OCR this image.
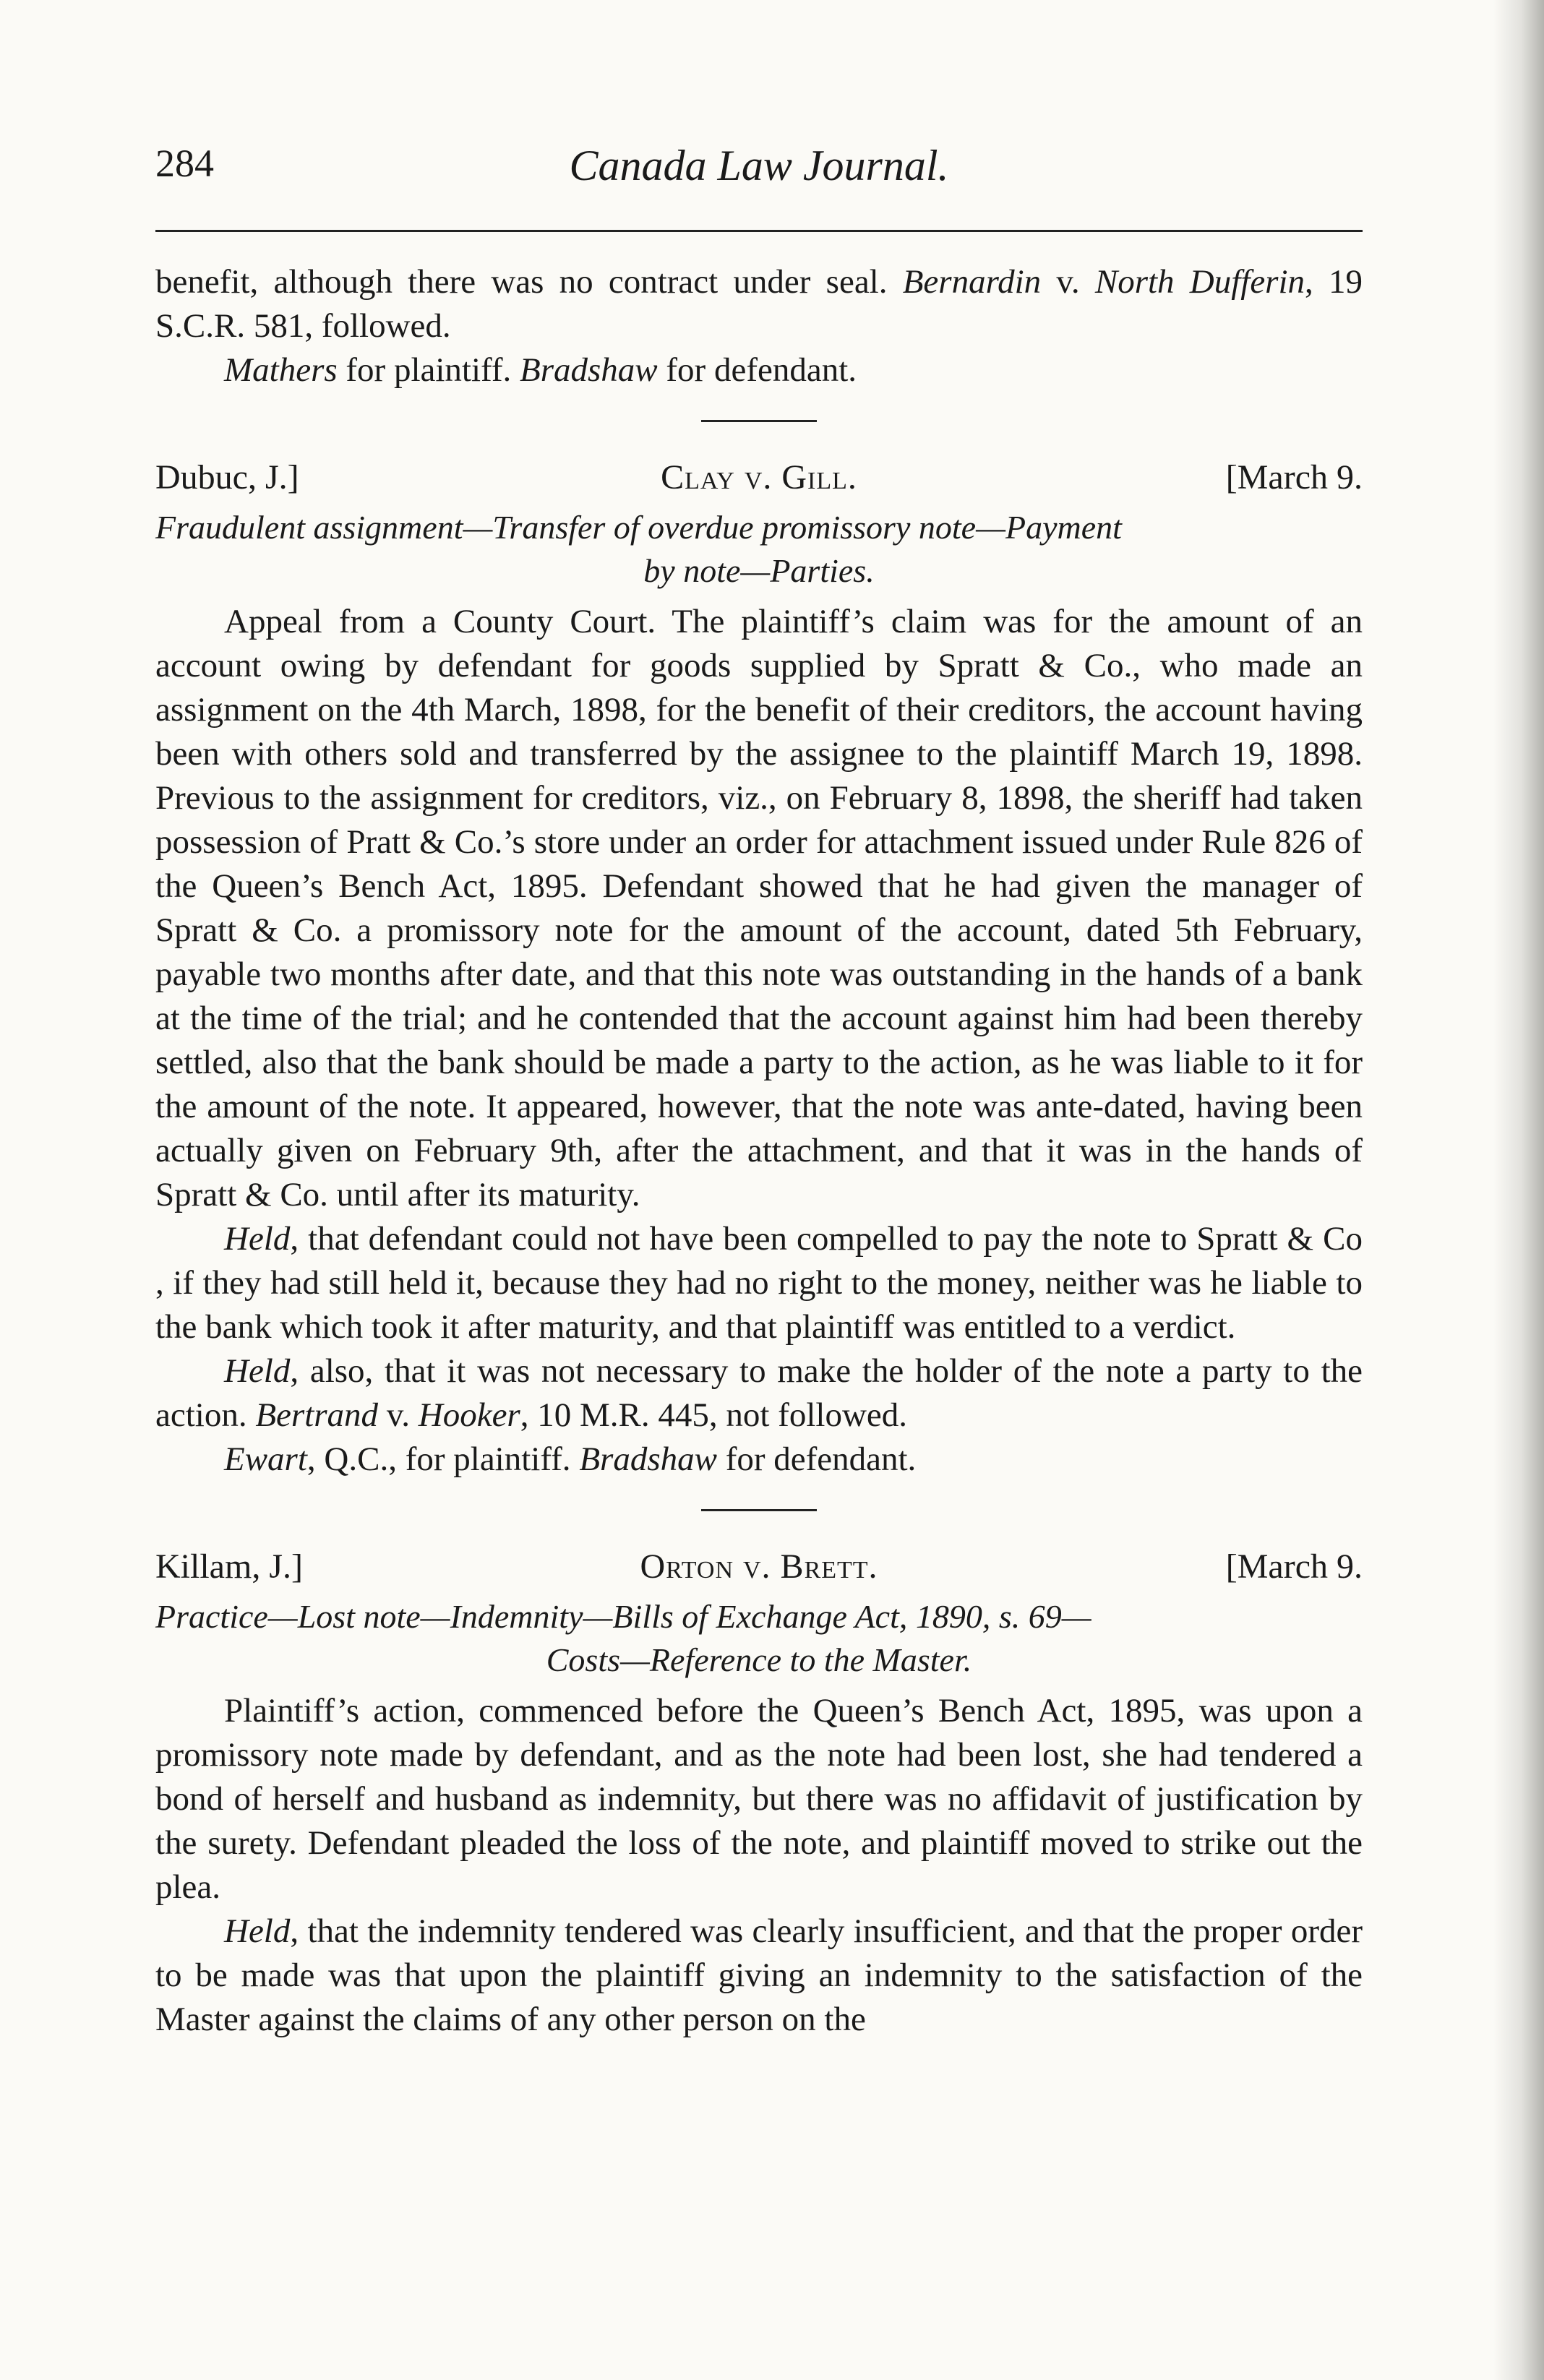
284	Canada Law Journal.

benefit, although there was no contract under seal. Bernardin v. North Dufferin, 19 S.C.R. 581, followed.

Mathers for plaintiff. Bradshaw for defendant.

Dubuc, J.]	Clay v. Gill.	[March 9.
Fraudulent assignment—Transfer of overdue promissory note—Payment
by note—Parties.

Appeal from a County Court. The plaintiff’s claim was for the amount of an account owing by defendant for goods supplied by Spratt & Co., who made an assignment on the 4th March, 1898, for the benefit of their creditors, the account having been with others sold and transferred by the assignee to the plaintiff March 19, 1898. Previous to the assignment for creditors, viz., on February 8, 1898, the sheriff had taken possession of Pratt & Co.’s store under an order for attachment issued under Rule 826 of the Queen’s Bench Act, 1895. Defendant showed that he had given the manager of Spratt & Co. a promissory note for the amount of the account, dated 5th February, payable two months after date, and that this note was outstanding in the hands of a bank at the time of the trial; and he contended that the account against him had been thereby settled, also that the bank should be made a party to the action, as he was liable to it for the amount of the note. It appeared, however, that the note was ante-dated, having been actually given on February 9th, after the attachment, and that it was in the hands of Spratt & Co. until after its maturity.

Held, that defendant could not have been compelled to pay the note to Spratt & Co , if they had still held it, because they had no right to the money, neither was he liable to the bank which took it after maturity, and that plaintiff was entitled to a verdict.

Held, also, that it was not necessary to make the holder of the note a party to the action. Bertrand v. Hooker, 10 M.R. 445, not followed.

Ewart, Q.C., for plaintiff. Bradshaw for defendant.

Killam, J.]	Orton v. Brett.	[March 9.
Practice—Lost note—Indemnity—Bills of Exchange Act, 1890, s. 69—
Costs—Reference to the Master.

Plaintiff’s action, commenced before the Queen’s Bench Act, 1895, was upon a promissory note made by defendant, and as the note had been lost, she had tendered a bond of herself and husband as indemnity, but there was no affidavit of justification by the surety. Defendant pleaded the loss of the note, and plaintiff moved to strike out the plea.

Held, that the indemnity tendered was clearly insufficient, and that the proper order to be made was that upon the plaintiff giving an indemnity to the satisfaction of the Master against the claims of any other person on the
